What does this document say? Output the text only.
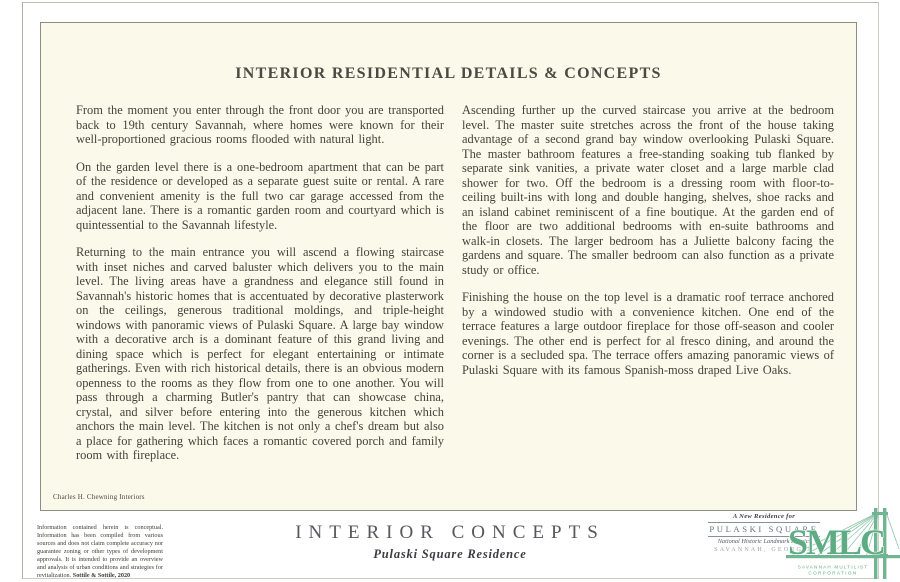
INTERIOR RESIDENTIAL DETAILS & CONCEPTS

From the moment you enter through the front door you are transported back to 19th century Savannah, where homes were known for their well-proportioned gracious rooms flooded with natural light.

On the garden level there is a one-bedroom apartment that can be part of the residence or developed as a separate guest suite or rental. A rare and convenient amenity is the full two car garage accessed from the adjacent lane. There is a romantic garden room and courtyard which is quintessential to the Savannah lifestyle.

Returning to the main entrance you will ascend a flowing staircase with inset niches and carved baluster which delivers you to the main level. The living areas have a grandness and elegance still found in Savannah's historic homes that is accentuated by decorative plasterwork on the ceilings, generous traditional moldings, and triple-height windows with panoramic views of Pulaski Square. A large bay window with a decorative arch is a dominant feature of this grand living and dining space which is perfect for elegant entertaining or intimate gatherings. Even with rich historical details, there is an obvious modern openness to the rooms as they flow from one to one another. You will pass through a charming Butler's pantry that can showcase china, crystal, and silver before entering into the generous kitchen which anchors the main level. The kitchen is not only a chef's dream but also a place for gathering which faces a romantic covered porch and family room with fireplace.

Ascending further up the curved staircase you arrive at the bedroom level. The master suite stretches across the front of the house taking advantage of a second grand bay window overlooking Pulaski Square. The master bathroom features a free-standing soaking tub flanked by separate sink vanities, a private water closet and a large marble clad shower for two. Off the bedroom is a dressing room with floor-to-ceiling built-ins with long and double hanging, shelves, shoe racks and an island cabinet reminiscent of a fine boutique. At the garden end of the floor are two additional bedrooms with en-suite bathrooms and walk-in closets. The larger bedroom has a Juliette balcony facing the gardens and square. The smaller bedroom can also function as a private study or office.

Finishing the house on the top level is a dramatic roof terrace anchored by a windowed studio with a convenience kitchen. One end of the terrace features a large outdoor fireplace for those off-season and cooler evenings. The other end is perfect for al fresco dining, and around the corner is a secluded spa. The terrace offers amazing panoramic views of Pulaski Square with its famous Spanish-moss draped Live Oaks.

Charles H. Chewning Interiors
Information contained herein is conceptual. Information has been compiled from various sources and does not claim complete accuracy nor guarantee zoning or other types of development approvals. It is intended to provide an overview and analysis of urban conditions and strategies for revitalization. Sottile & Sottile, 2020
INTERIOR CONCEPTS
Pulaski Square Residence
A New Residence for
PULASKI SQUARE
National Historic Landmark District
SAVANNAH, GEORGIA
SMLC
SAVANNAH MULTILIST
CORPORATION
